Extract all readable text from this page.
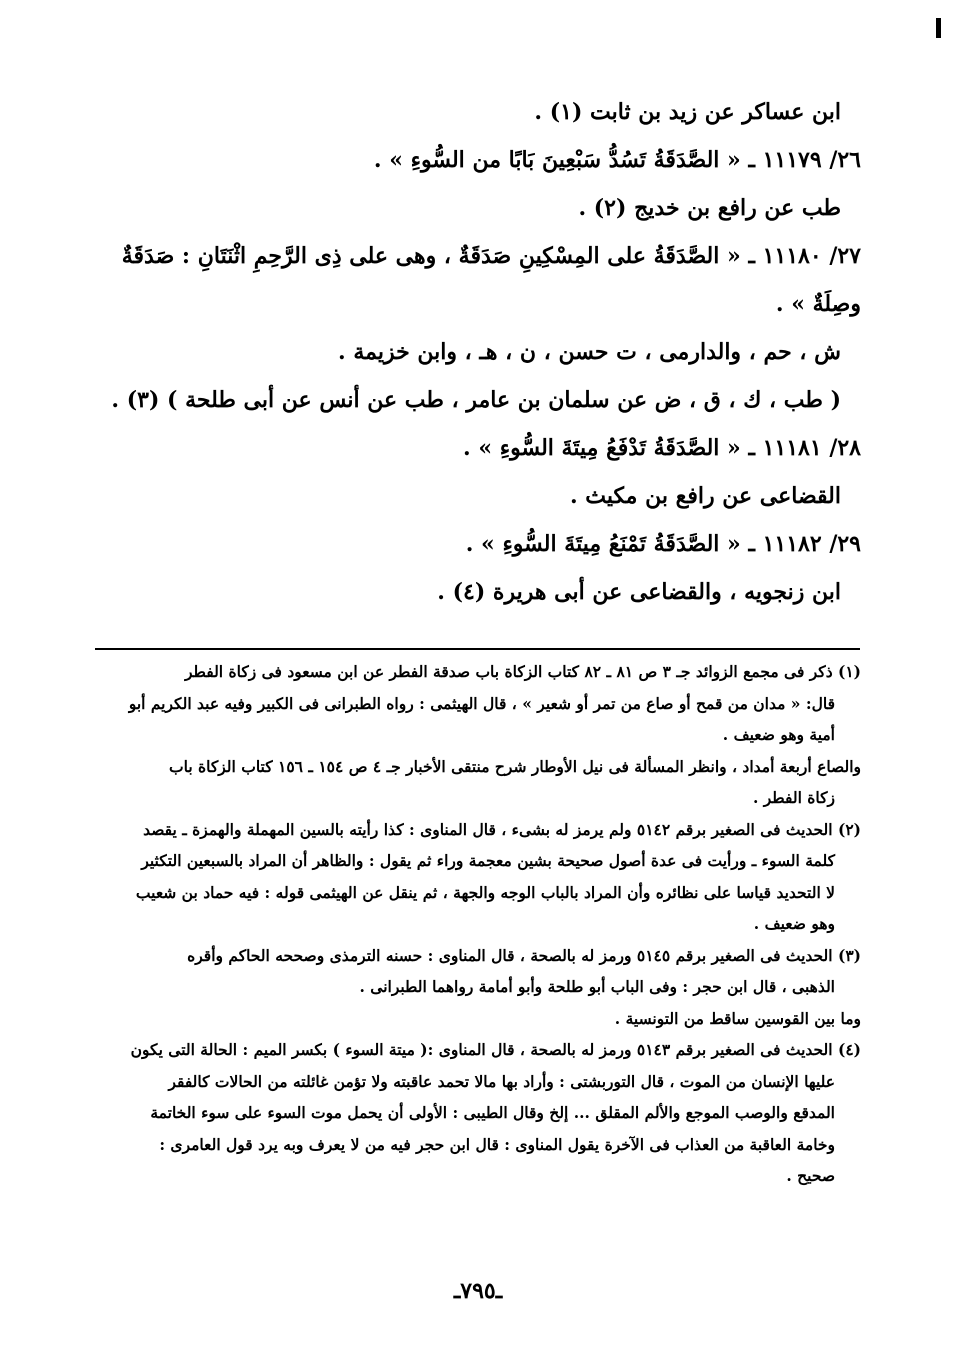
ابن عساكر عن زيد بن ثابت (١) .
٢٦/ ١١١٧٩ ـ « الصَّدَقَةُ تَسُدُّ سَبْعِينَ بَابًا من السُّوءِ » .
طب عن رافع بن خديج (٢) .
٢٧/ ١١١٨٠ ـ « الصَّدَقَةُ على المِسْكِينِ صَدَقَةٌ ، وهى على ذِى الرَّحِمِ اثْنَتَانِ : صَدَقَةٌ
وصِلَةٌ » .
ش ، حم ، والدارمى ، ت حسن ، ن ، هـ ، وابن خزيمة .
( طب ، ك ، ق ، ض عن سلمان بن عامر ، طب عن أنس عن أبى طلحة ) (٣) .
٢٨/ ١١١٨١ ـ « الصَّدَقَةُ تَدْفَعُ مِيتَةَ السُّوءِ » .
القضاعى عن رافع بن مكيث .
٢٩/ ١١١٨٢ ـ « الصَّدَقَةُ تَمْنَعُ مِيتَةَ السُّوءِ » .
ابن زنجويه ، والقضاعى عن أبى هريرة (٤) .
(١) ذكر فى مجمع الزوائد جـ ٣ ص ٨١ ـ ٨٢ كتاب الزكاة باب صدقة الفطر عن ابن مسعود فى زكاة الفطر
قال: « مدان من قمح أو صاع من تمر أو شعير » ، قال الهيثمى : رواه الطبرانى فى الكبير وفيه عبد الكريم أبو
أمية وهو ضعيف .
والصاع أربعة أمداد ، وانظر المسألة فى نيل الأوطار شرح منتقى الأخبار جـ ٤ ص ١٥٤ ـ ١٥٦ كتاب الزكاة باب
زكاة الفطر .
(٢) الحديث فى الصغير برقم ٥١٤٢ ولم يرمز له بشىء ، قال المناوى : كذا رأيته بالسين المهملة والهمزة ـ يقصد
كلمة السوء ـ ورأيت فى عدة أصول صحيحة بشين معجمة وراء ثم يقول : والظاهر أن المراد بالسبعين التكثير
لا التحديد قياسا على نظائره وأن المراد بالباب الوجه والجهة ، ثم ينقل عن الهيثمى قوله : فيه حماد بن شعيب
وهو ضعيف .
(٣) الحديث فى الصغير برقم ٥١٤٥ ورمز له بالصحة ، قال المناوى : حسنه الترمذى وصححه الحاكم وأقره
الذهبى ، قال ابن حجر : وفى الباب أبو طلحة وأبو أمامة رواهما الطبرانى .
وما بين القوسين ساقط من التونسية .
(٤) الحديث فى الصغير برقم ٥١٤٣ ورمز له بالصحة ، قال المناوى :( ميتة السوء ) بكسر الميم : الحالة التى يكون
عليها الإنسان من الموت ، قال التوربشتى : وأراد بها مالا تحمد عاقبته ولا تؤمن غائلته من الحالات كالفقر
المدقع والوصب الموجع والألم المقلق ... إلخ وقال الطيبى : الأولى أن يحمل موت السوء على سوء الخاتمة
وخامة العاقبة من العذاب فى الآخرة يقول المناوى : قال ابن حجر فيه من لا يعرف وبه يرد قول العامرى :
صحيح .
ـ٧٩٥ـ
